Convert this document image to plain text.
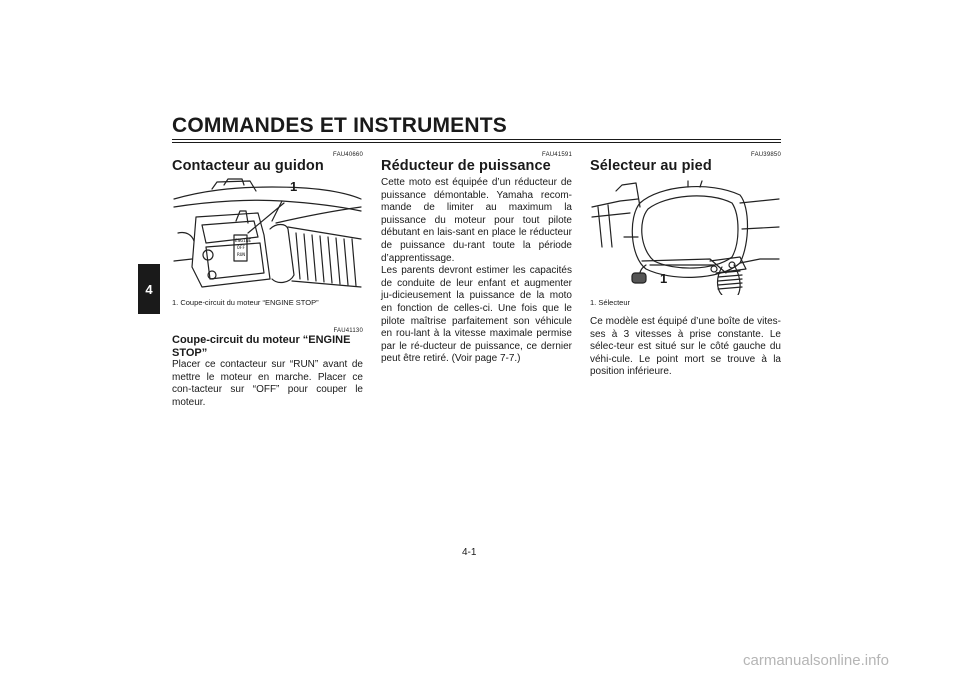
COMMANDES ET INSTRUMENTS
4
FAU40660
Contacteur au guidon
ENGINE
OFF
RUN
1
1. Coupe-circuit du moteur “ENGINE STOP”
FAU41130
Coupe-circuit du moteur “ENGINE STOP”

Placer ce contacteur sur “RUN” avant de mettre le moteur en marche. Placer ce con-tacteur sur “OFF” pour couper le moteur.

FAU41591
Réducteur de puissance

Cette moto est équipée d’un réducteur de puissance démontable. Yamaha recom-mande de limiter au maximum la puissance du moteur pour tout pilote débutant en lais-sant en place le réducteur de puissance du-rant toute la période d’apprentissage.

Les parents devront estimer les capacités de conduite de leur enfant et augmenter ju-dicieusement la puissance de la moto en fonction de celles-ci. Une fois que le pilote maîtrise parfaitement son véhicule en rou-lant à la vitesse maximale permise par le ré-ducteur de puissance, ce dernier peut être retiré. (Voir page 7-7.)

FAU39850
Sélecteur au pied
1
1. Sélecteur

Ce modèle est équipé d’une boîte de vites-ses à 3 vitesses à prise constante. Le sélec-teur est situé sur le côté gauche du véhi-cule. Le point mort se trouve à la position inférieure.

4-1
carmanualsonline.info
